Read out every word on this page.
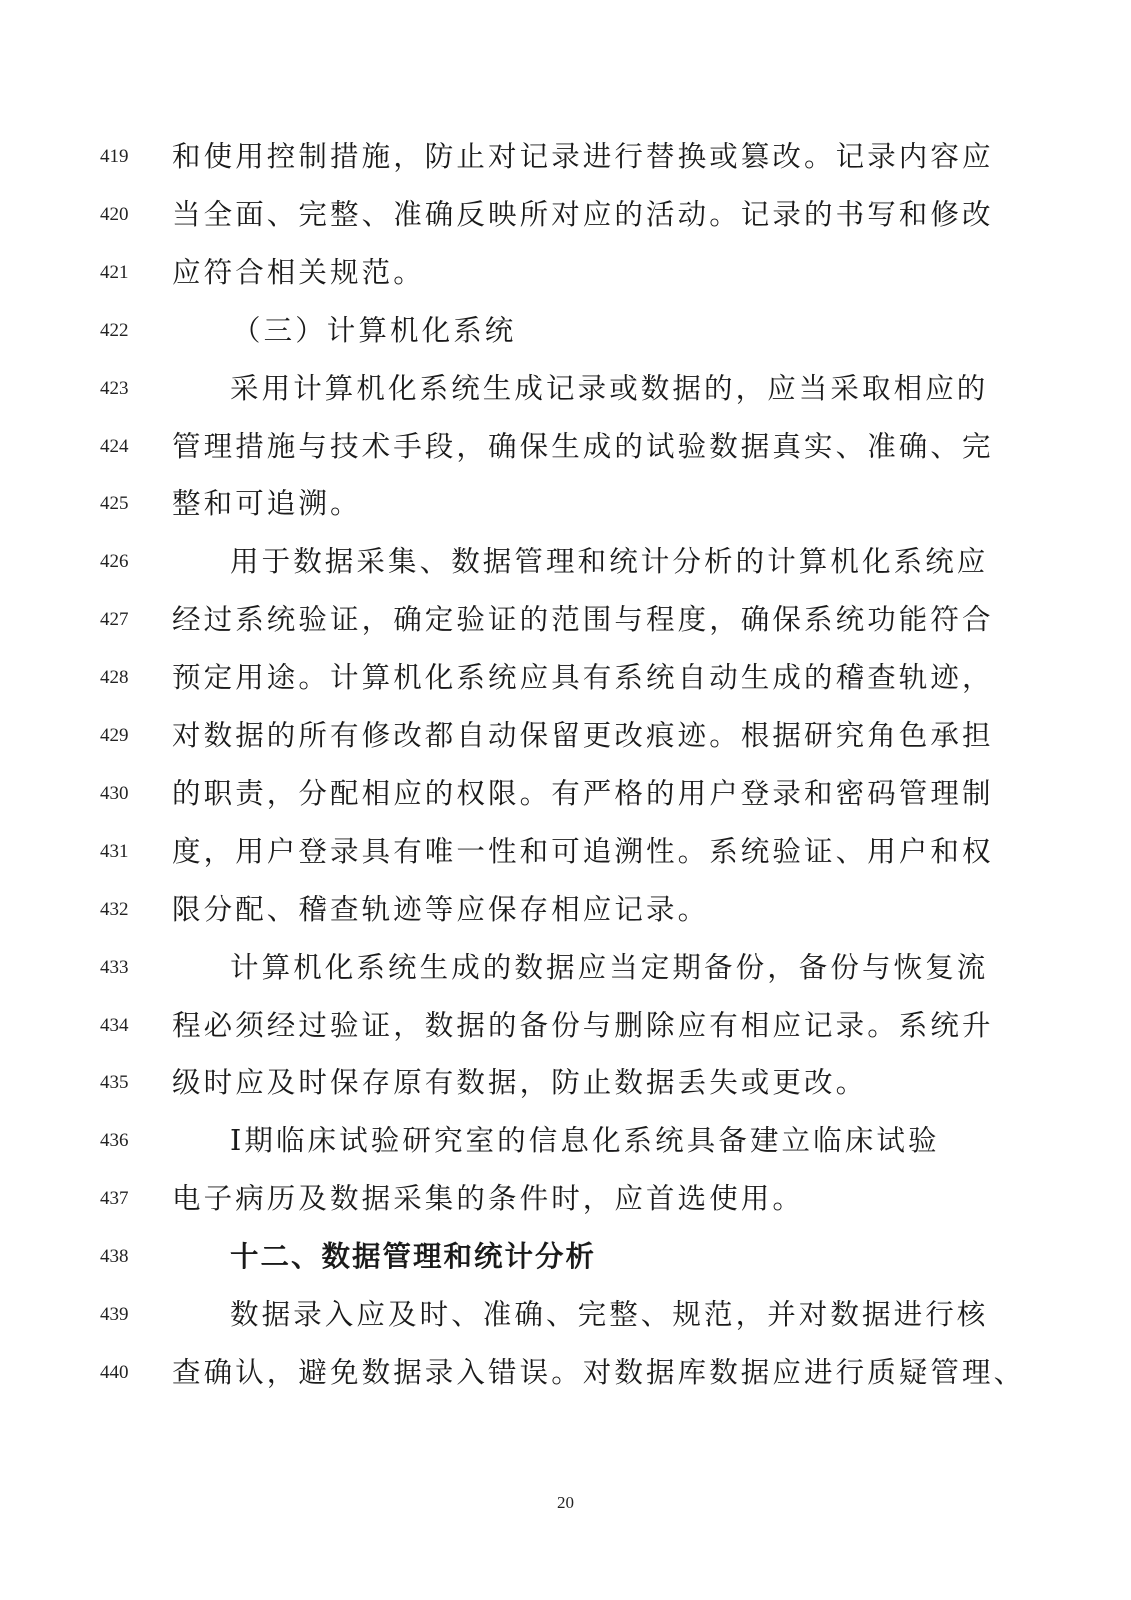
419	和使用控制措施，防止对记录进行替换或篡改。记录内容应
420	当全面、完整、准确反映所对应的活动。记录的书写和修改
421	应符合相关规范。
422	（三）计算机化系统
423	采用计算机化系统生成记录或数据的，应当采取相应的
424	管理措施与技术手段，确保生成的试验数据真实、准确、完
425	整和可追溯。
426	用于数据采集、数据管理和统计分析的计算机化系统应
427	经过系统验证，确定验证的范围与程度，确保系统功能符合
428	预定用途。计算机化系统应具有系统自动生成的稽查轨迹，
429	对数据的所有修改都自动保留更改痕迹。根据研究角色承担
430	的职责，分配相应的权限。有严格的用户登录和密码管理制
431	度，用户登录具有唯一性和可追溯性。系统验证、用户和权
432	限分配、稽查轨迹等应保存相应记录。
433	计算机化系统生成的数据应当定期备份，备份与恢复流
434	程必须经过验证，数据的备份与删除应有相应记录。系统升
435	级时应及时保存原有数据，防止数据丢失或更改。
436	Ⅰ期临床试验研究室的信息化系统具备建立临床试验
437	电子病历及数据采集的条件时，应首选使用。
438	十二、数据管理和统计分析
439	数据录入应及时、准确、完整、规范，并对数据进行核
440	查确认，避免数据录入错误。对数据库数据应进行质疑管理、
20
